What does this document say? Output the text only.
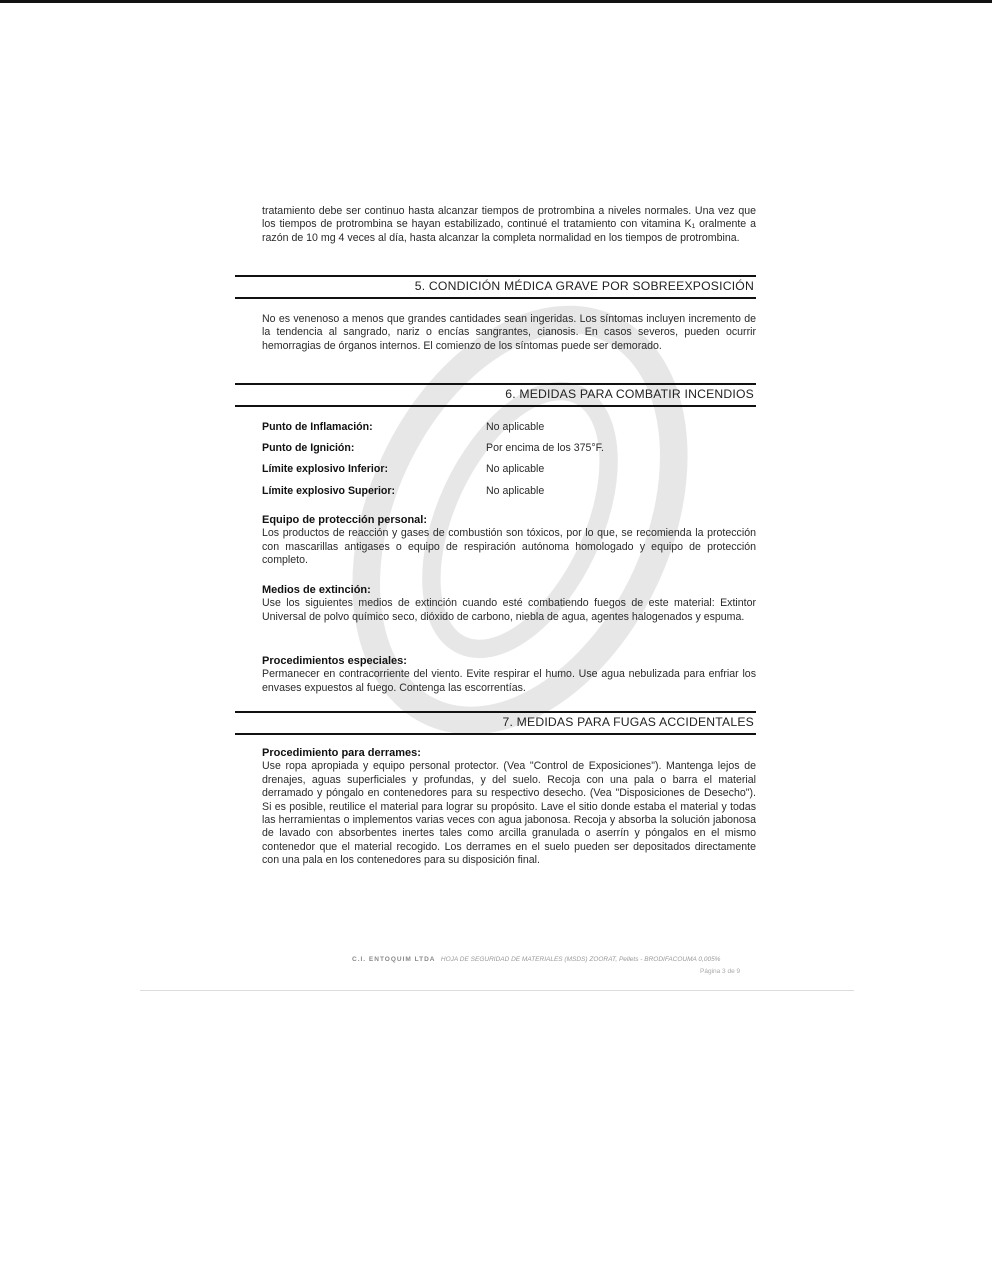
tratamiento debe ser continuo hasta alcanzar tiempos de protrombina a niveles normales. Una vez que los tiempos de protrombina se hayan estabilizado, continué el tratamiento con vitamina K₁ oralmente a razón de 10 mg 4 veces al día, hasta alcanzar la completa normalidad en los tiempos de protrombina.

5. CONDICIÓN MÉDICA GRAVE POR SOBREEXPOSICIÓN

No es venenoso a menos que grandes cantidades sean ingeridas. Los síntomas incluyen incremento de la tendencia al sangrado, nariz o encías sangrantes, cianosis. En casos severos, pueden ocurrir hemorragias de órganos internos. El comienzo de los síntomas puede ser demorado.

6. MEDIDAS PARA COMBATIR INCENDIOS
Punto de Inflamación:	No aplicable
Punto de Ignición:	Por encima de los 375°F.
Límite explosivo Inferior:	No aplicable
Límite explosivo Superior:	No aplicable
Equipo de protección personal:

Los productos de reacción y gases de combustión son tóxicos, por lo que, se recomienda la protección con mascarillas antigases o equipo de respiración autónoma homologado y equipo de protección completo.

Medios de extinción:

Use los siguientes medios de extinción cuando esté combatiendo fuegos de este material: Extintor Universal de polvo químico seco, dióxido de carbono, niebla de agua, agentes halogenados y espuma.

Procedimientos especiales:

Permanecer en contracorriente del viento. Evite respirar el humo. Use agua nebulizada para enfriar los envases expuestos al fuego. Contenga las escorrentías.

7. MEDIDAS PARA FUGAS ACCIDENTALES
Procedimiento para derrames:

Use ropa apropiada y equipo personal protector. (Vea "Control de Exposiciones"). Mantenga lejos de drenajes, aguas superficiales y profundas, y del suelo. Recoja con una pala o barra el material derramado y póngalo en contenedores para su respectivo desecho. (Vea "Disposiciones de Desecho"). Si es posible, reutilice el material para lograr su propósito. Lave el sitio donde estaba el material y todas las herramientas o implementos varias veces con agua jabonosa. Recoja y absorba la solución jabonosa de lavado con absorbentes inertes tales como arcilla granulada o aserrín y póngalos en el mismo contenedor que el material recogido. Los derrames en el suelo pueden ser depositados directamente con una pala en los contenedores para su disposición final.

C.I. ENTOQUIM LTDA HOJA DE SEGURIDAD DE MATERIALES (MSDS) ZOORAT, Pellets - BRODIFACOUMA 0,005%
Página 3 de 9
